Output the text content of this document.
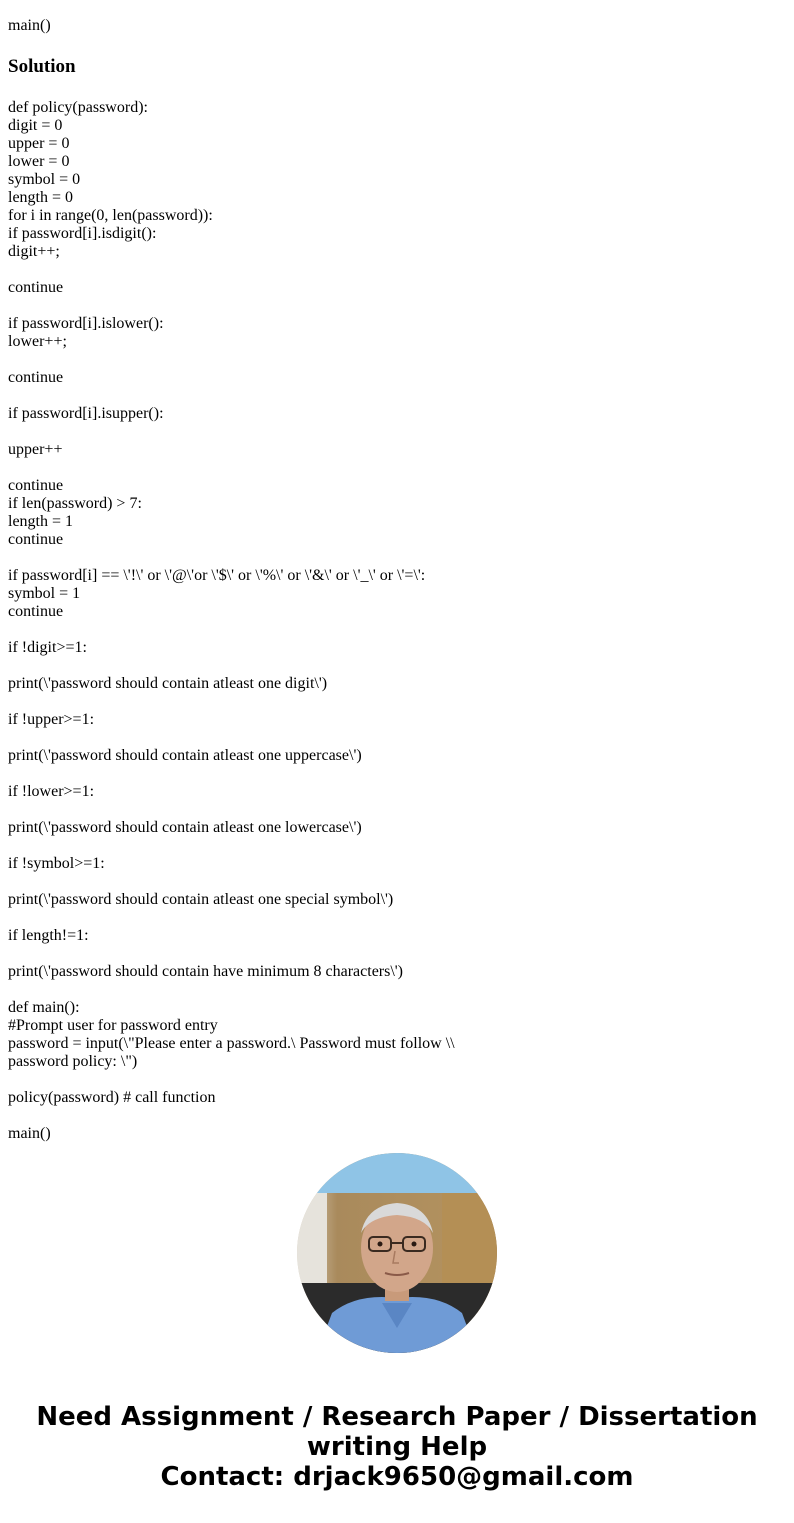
main()
Solution
def policy(password):
digit = 0
upper = 0
lower = 0
symbol = 0
length = 0
for i in range(0, len(password)):
if password[i].isdigit():
digit++;
continue
if password[i].islower():
lower++;
continue
if password[i].isupper():
upper++
continue
if len(password) > 7:
length = 1
continue
if password[i] == \'!\' or \'@\'or \'$\' or \'%\' or \'&\' or \'_\' or \'=\':
symbol = 1
continue
if !digit>=1:
print(\'password should contain atleast one digit\')
if !upper>=1:
print(\'password should contain atleast one uppercase\')
if !lower>=1:
print(\'password should contain atleast one lowercase\')
if !symbol>=1:
print(\'password should contain atleast one special symbol\')
if length!=1:
print(\'password should contain have minimum 8 characters\')
def main():
#Prompt user for password entry
password = input(\"Please enter a password.\ Password must follow \\
password policy: \")
policy(password) # call function
main()
Need Assignment / Research Paper / Dissertation
writing Help
Contact: drjack9650@gmail.com
